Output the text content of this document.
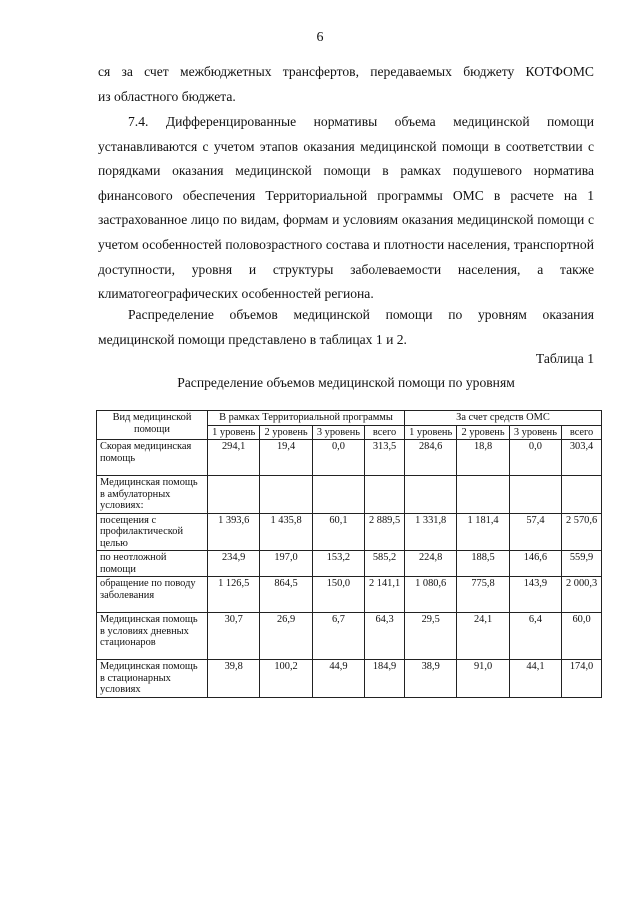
6
ся за счет межбюджетных трансфертов, передаваемых бюджету КОТФОМС
из областного бюджета.
7.4. Дифференцированные нормативы объема медицинской помощи устанавливаются с учетом этапов оказания медицинской помощи в соответствии с порядками оказания медицинской помощи в рамках подушевого норматива финансового обеспечения Территориальной программы ОМС в расчете на 1 застрахованное лицо по видам, формам и условиям оказания медицинской помощи с учетом особенностей половозрастного состава и плотности населения, транспортной доступности, уровня и структуры заболеваемости населения, а также климатогеографических особенностей региона.
Распределение объемов медицинской помощи по уровням оказания медицинской помощи представлено в таблицах 1 и 2.
Таблица 1
Распределение объемов медицинской помощи по уровням
Вид медицинской помощи	В рамках Территориальной программы				За счет средств ОМС			
	1 уровень	2 уровень	3 уровень	всего	1 уровень	2 уровень	3 уровень	всего
Скорая медицинская помощь	294,1	19,4	0,0	313,5	284,6	18,8	0,0	303,4
Медицинская помощь в амбулаторных условиях:								
посещения с профилактической целью	1 393,6	1 435,8	60,1	2 889,5	1 331,8	1 181,4	57,4	2 570,6
по неотложной помощи	234,9	197,0	153,2	585,2	224,8	188,5	146,6	559,9
обращение по поводу заболевания	1 126,5	864,5	150,0	2 141,1	1 080,6	775,8	143,9	2 000,3
Медицинская помощь в условиях дневных стационаров	30,7	26,9	6,7	64,3	29,5	24,1	6,4	60,0
Медицинская помощь в стационарных условиях	39,8	100,2	44,9	184,9	38,9	91,0	44,1	174,0
